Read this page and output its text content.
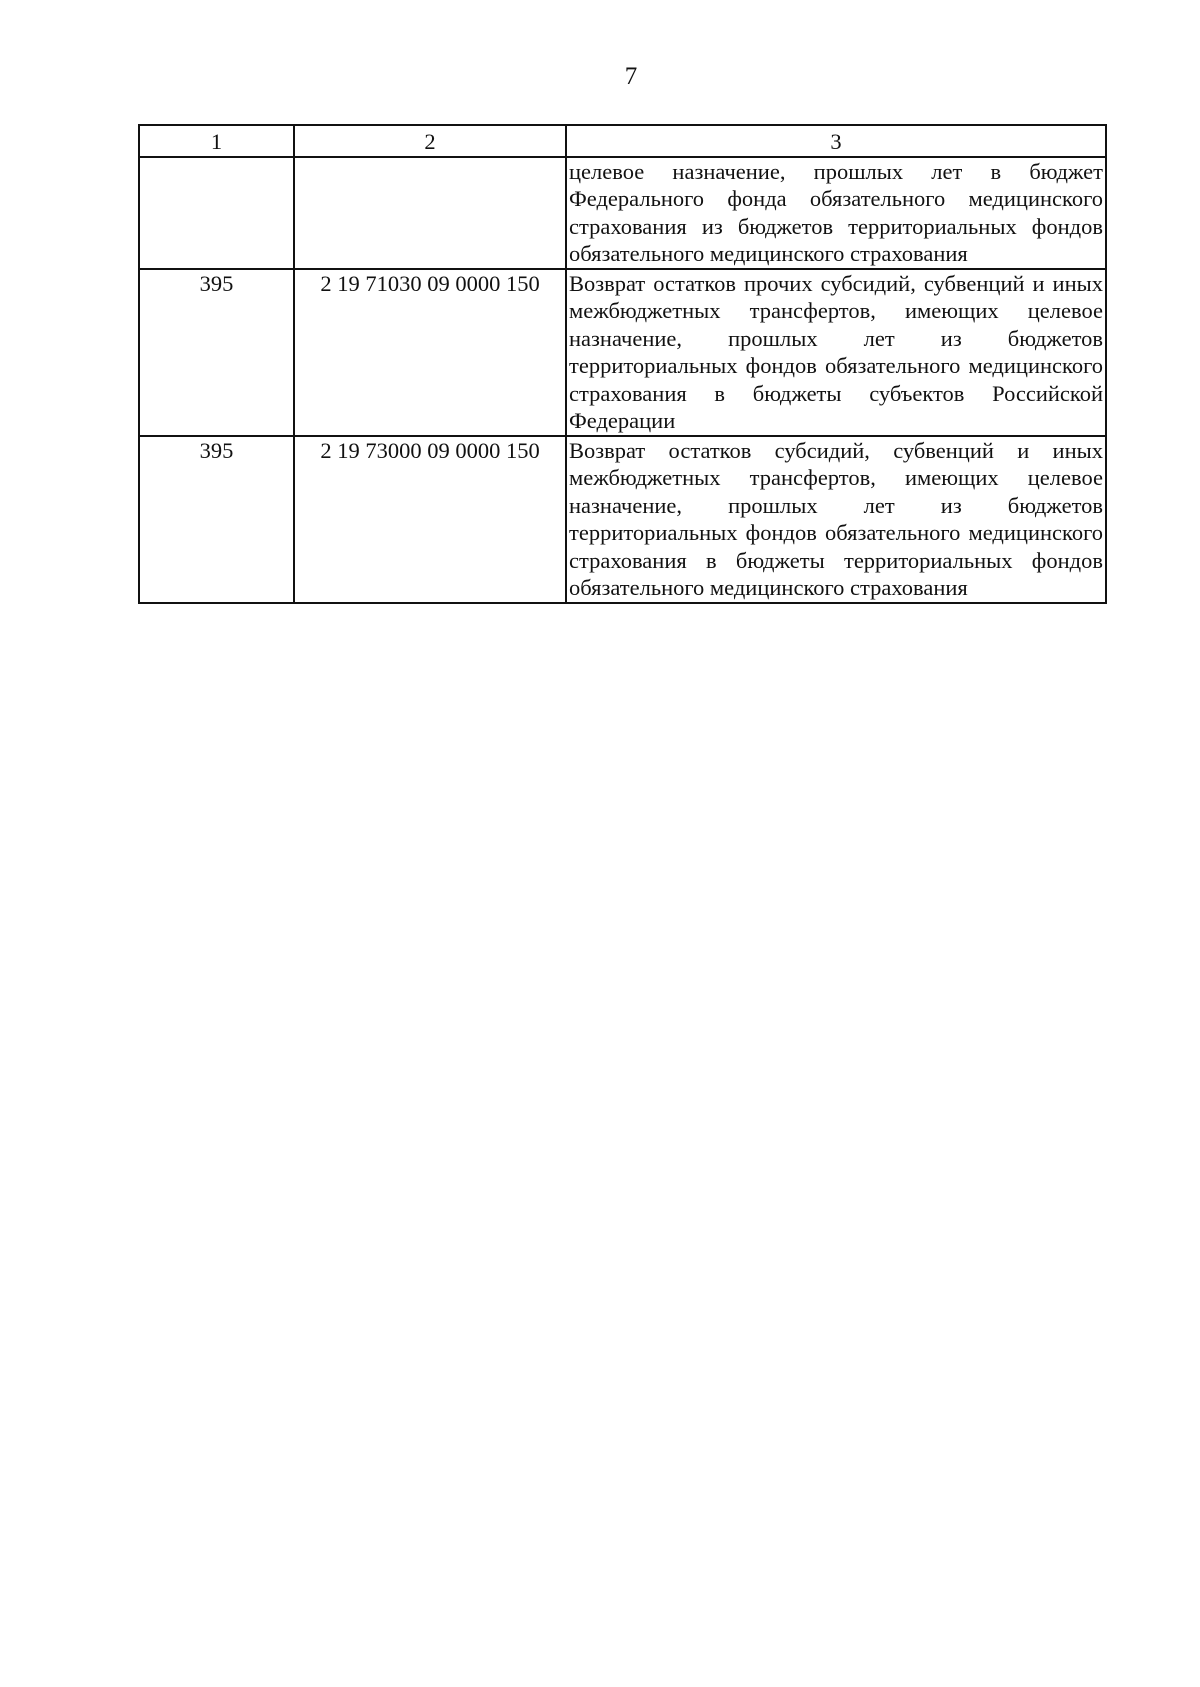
7
1	2	3
		целевое назначение, прошлых лет в бюджет Федерального фонда обязательного медицинского страхования из бюджетов территориальных фондов обязательного медицинского страхования
395	2 19 71030 09 0000 150	Возврат остатков прочих субсидий, субвенций и иных межбюджетных трансфертов, имеющих целевое назначение, прошлых лет из бюджетов территориальных фондов обязательного медицинского страхования в бюджеты субъектов Российской Федерации
395	2 19 73000 09 0000 150	Возврат остатков субсидий, субвенций и иных межбюджетных трансфертов, имеющих целевое назначение, прошлых лет из бюджетов территориальных фондов обязательного медицинского страхования в бюджеты территориальных фондов обязательного медицинского страхования
